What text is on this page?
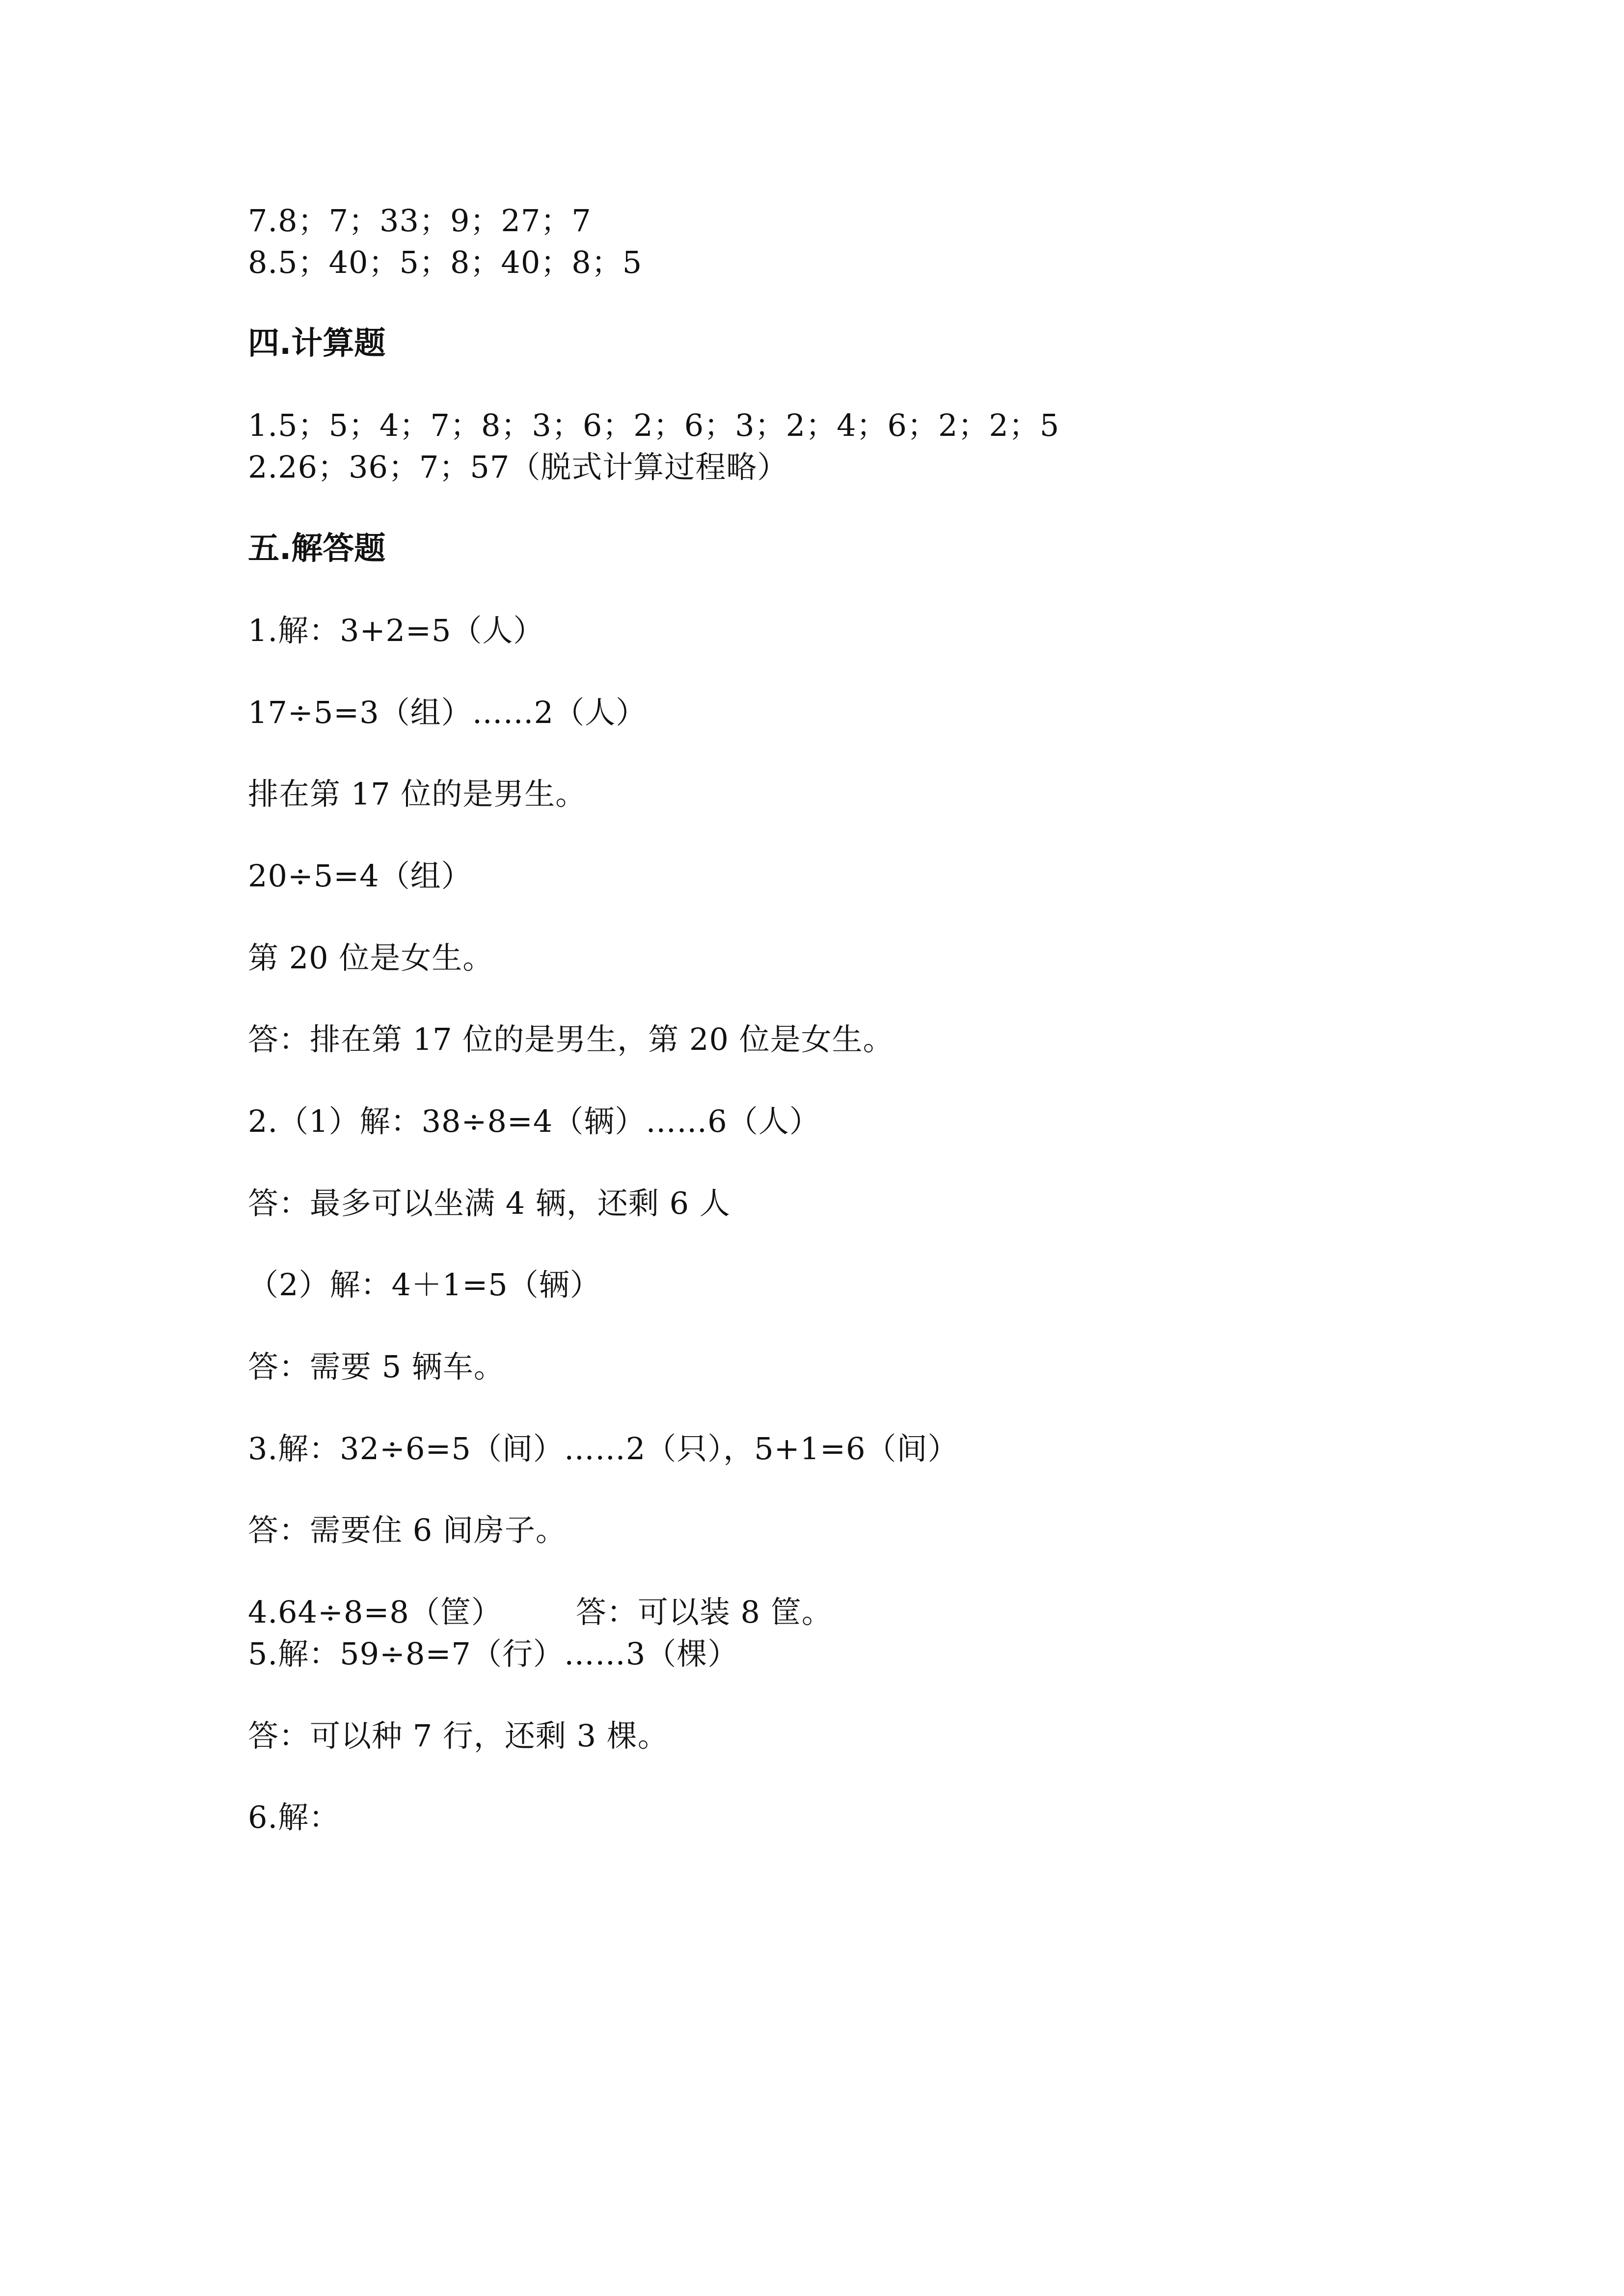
7.8；7；33；9；27；7
8.5；40；5；8；40；8；5
四.计算题
1.5；5；4；7；8；3；6；2；6；3；2；4；6；2；2；5
2.26；36；7；57（脱式计算过程略）
五.解答题
1.解：3+2=5（人）
17÷5=3（组）……2（人）
排在第 17 位的是男生。
20÷5=4（组）
第 20 位是女生。
答：排在第 17 位的是男生，第 20 位是女生。
2.（1）解：38÷8=4（辆）……6（人）
答：最多可以坐满 4 辆，还剩 6 人
（2）解：4＋1=5（辆）
答：需要 5 辆车。
3.解：32÷6=5（间）……2（只），5+1=6（间）
答：需要住 6 间房子。
4.64÷8=8（筐） 答：可以装 8 筐。
5.解：59÷8=7（行）……3（棵）
答：可以种 7 行，还剩 3 棵。
6.解：
